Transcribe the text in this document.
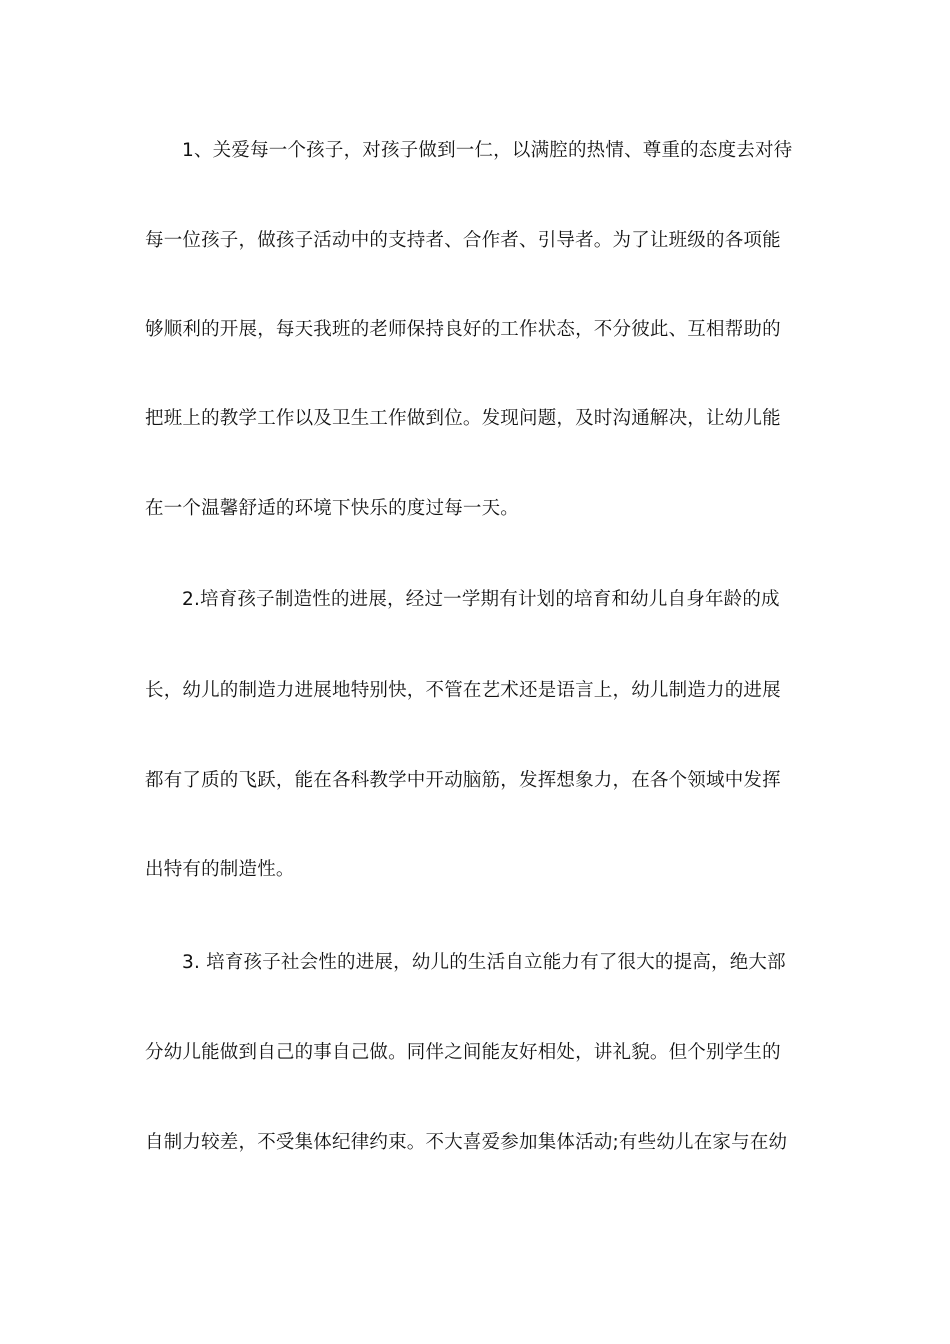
1、关爱每一个孩子，对孩子做到一仁，以满腔的热情、尊重的态度去对待
每一位孩子，做孩子活动中的支持者、合作者、引导者。为了让班级的各项能
够顺利的开展，每天我班的老师保持良好的工作状态，不分彼此、互相帮助的
把班上的教学工作以及卫生工作做到位。发现问题，及时沟通解决，让幼儿能
在一个温馨舒适的环境下快乐的度过每一天。
2.培育孩子制造性的进展，经过一学期有计划的培育和幼儿自身年龄的成
长，幼儿的制造力进展地特别快，不管在艺术还是语言上，幼儿制造力的进展
都有了质的飞跃，能在各科教学中开动脑筋，发挥想象力，在各个领域中发挥
出特有的制造性。
3. 培育孩子社会性的进展，幼儿的生活自立能力有了很大的提高，绝大部
分幼儿能做到自己的事自己做。同伴之间能友好相处，讲礼貌。但个别学生的
自制力较差，不受集体纪律约束。不大喜爱参加集体活动;有些幼儿在家与在幼
